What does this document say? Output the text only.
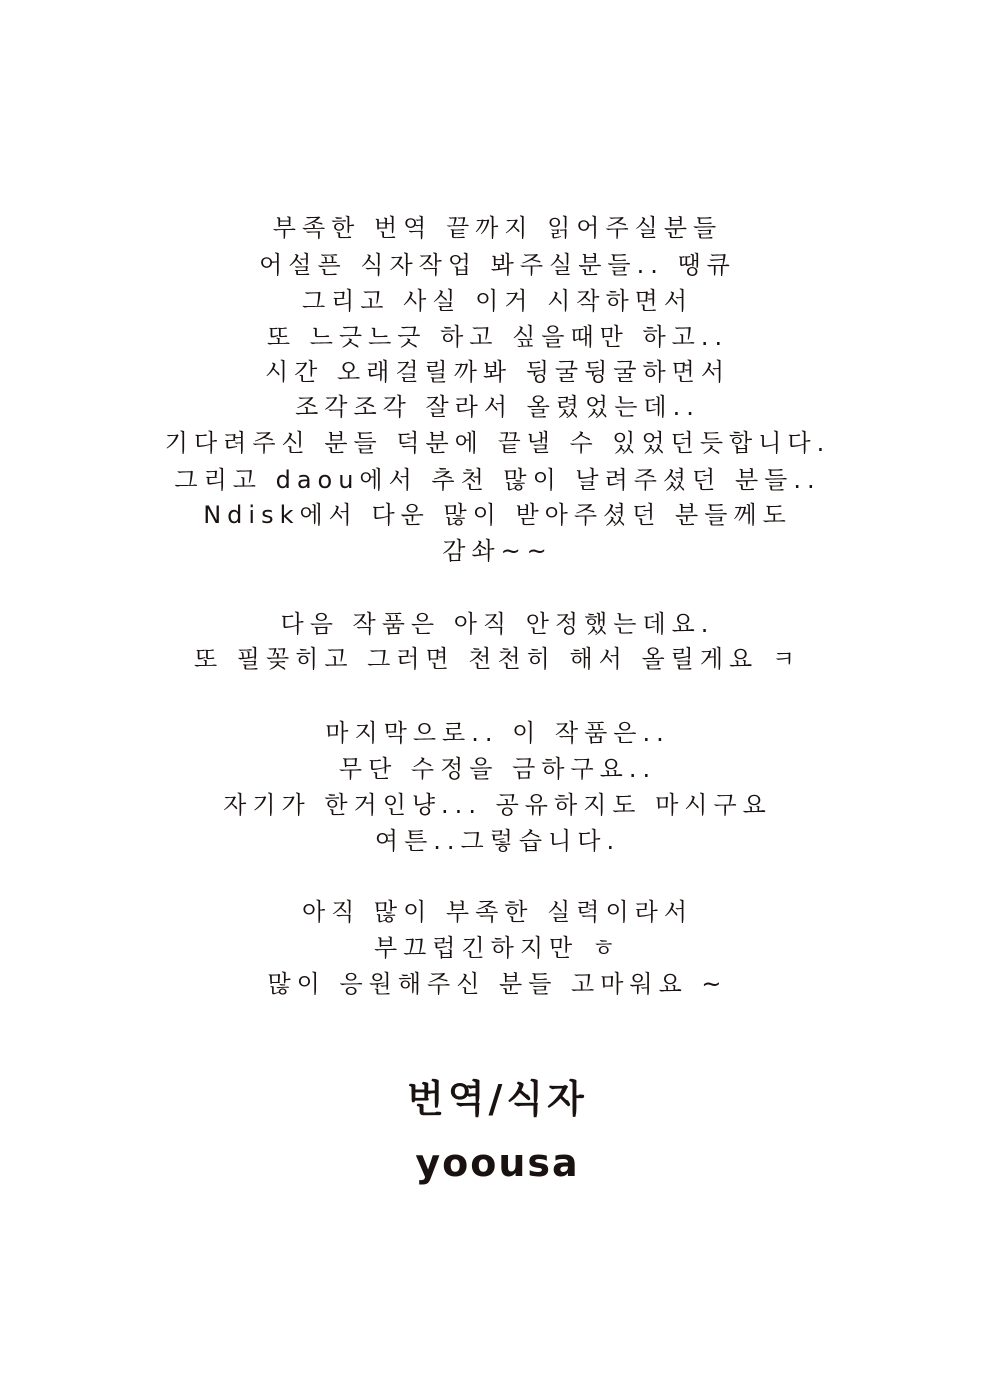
부족한 번역 끝까지 읽어주실분들
어설픈 식자작업 봐주실분들.. 땡큐
그리고 사실 이거 시작하면서
또 느긋느긋 하고 싶을때만 하고..
시간 오래걸릴까봐 뒹굴뒹굴하면서
조각조각 잘라서 올렸었는데..
기다려주신 분들 덕분에 끝낼 수 있었던듯합니다.
그리고 daou에서 추천 많이 날려주셨던 분들..
Ndisk에서 다운 많이 받아주셨던 분들께도
감솨~~
다음 작품은 아직 안정했는데요.
또 필꽂히고 그러면 천천히 해서 올릴게요 ㅋ
마지막으로.. 이 작품은..
무단 수정을 금하구요..
자기가 한거인냥... 공유하지도 마시구요
여튼..그렇습니다.
아직 많이 부족한 실력이라서
부끄럽긴하지만 ㅎ
많이 응원해주신 분들 고마워요 ~
번역/식자
yoousa
